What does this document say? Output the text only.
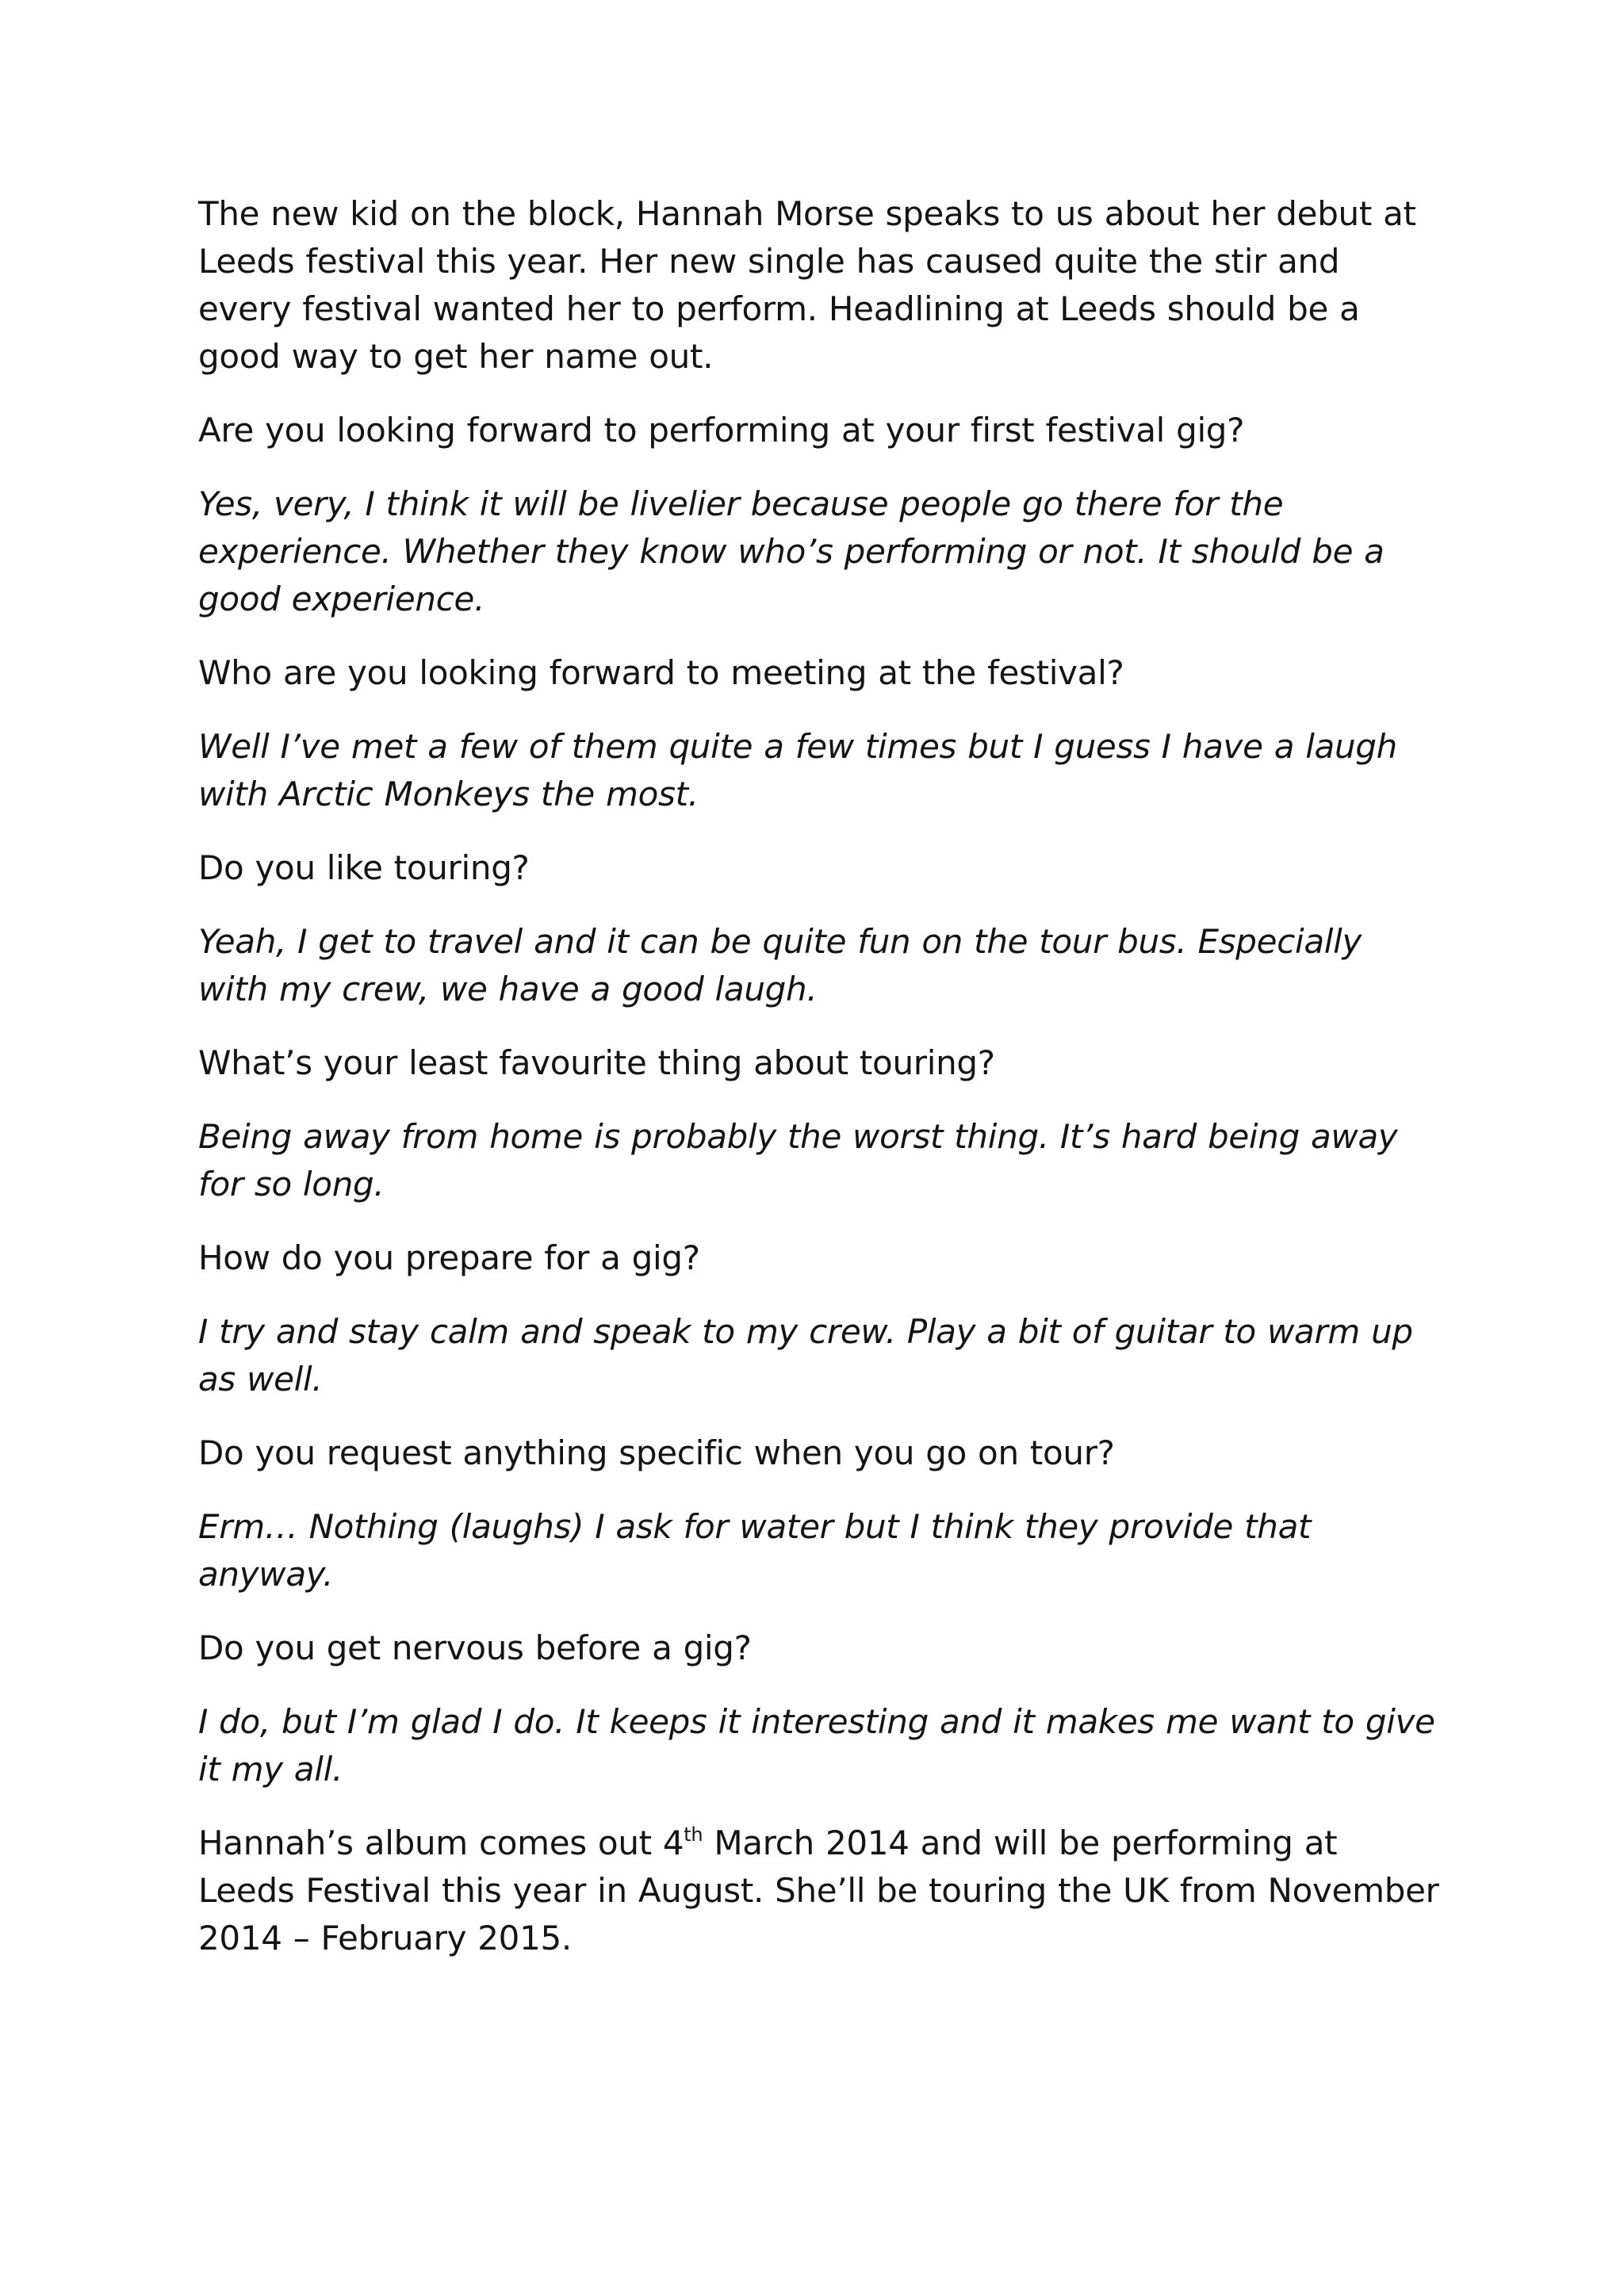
The new kid on the block, Hannah Morse speaks to us about her debut at Leeds festival this year. Her new single has caused quite the stir and every festival wanted her to perform. Headlining at Leeds should be a good way to get her name out.

Are you looking forward to performing at your first festival gig?

Yes, very, I think it will be livelier because people go there for the experience. Whether they know who’s performing or not. It should be a good experience.

Who are you looking forward to meeting at the festival?

Well I’ve met a few of them quite a few times but I guess I have a laugh with Arctic Monkeys the most.

Do you like touring?

Yeah, I get to travel and it can be quite fun on the tour bus. Especially with my crew, we have a good laugh.

What’s your least favourite thing about touring?

Being away from home is probably the worst thing. It’s hard being away for so long.

How do you prepare for a gig?

I try and stay calm and speak to my crew. Play a bit of guitar to warm up as well.

Do you request anything specific when you go on tour?

Erm… Nothing (laughs) I ask for water but I think they provide that anyway.

Do you get nervous before a gig?

I do, but I’m glad I do. It keeps it interesting and it makes me want to give it my all.

Hannah’s album comes out 4th March 2014 and will be performing at Leeds Festival this year in August. She’ll be touring the UK from November 2014 – February 2015.
